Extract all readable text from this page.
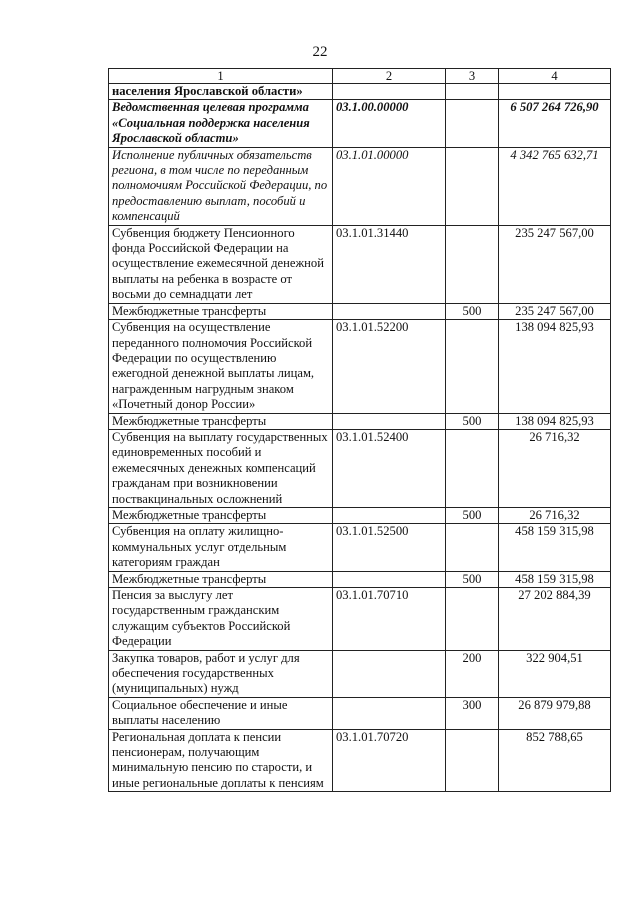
22
1	2	3	4
населения Ярославской области»			
Ведомственная целевая программа «Социальная поддержка населения Ярославской области»	03.1.00.00000		6 507 264 726,90
Исполнение публичных обязательств региона, в том числе по переданным полномочиям Российской Федерации, по предоставлению выплат, пособий и компенсаций	03.1.01.00000		4 342 765 632,71
Субвенция бюджету Пенсионного фонда Российской Федерации на осуществление ежемесячной денежной выплаты на ребенка в возрасте от восьми до семнадцати лет	03.1.01.31440		235 247 567,00
Межбюджетные трансферты		500	235 247 567,00
Субвенция на осуществление переданного полномочия Российской Федерации по осуществлению ежегодной денежной выплаты лицам, награжденным нагрудным знаком «Почетный донор России»	03.1.01.52200		138 094 825,93
Межбюджетные трансферты		500	138 094 825,93
Субвенция на выплату государственных единовременных пособий и ежемесячных денежных компенсаций гражданам при возникновении поствакцинальных осложнений	03.1.01.52400		26 716,32
Межбюджетные трансферты		500	26 716,32
Субвенция на оплату жилищно-коммунальных услуг отдельным категориям граждан	03.1.01.52500		458 159 315,98
Межбюджетные трансферты		500	458 159 315,98
Пенсия за выслугу лет государственным гражданским служащим субъектов Российской Федерации	03.1.01.70710		27 202 884,39
Закупка товаров, работ и услуг для обеспечения государственных (муниципальных) нужд		200	322 904,51
Социальное обеспечение и иные выплаты населению		300	26 879 979,88
Региональная доплата к пенсии пенсионерам, получающим минимальную пенсию по старости, и иные региональные доплаты к пенсиям	03.1.01.70720		852 788,65
